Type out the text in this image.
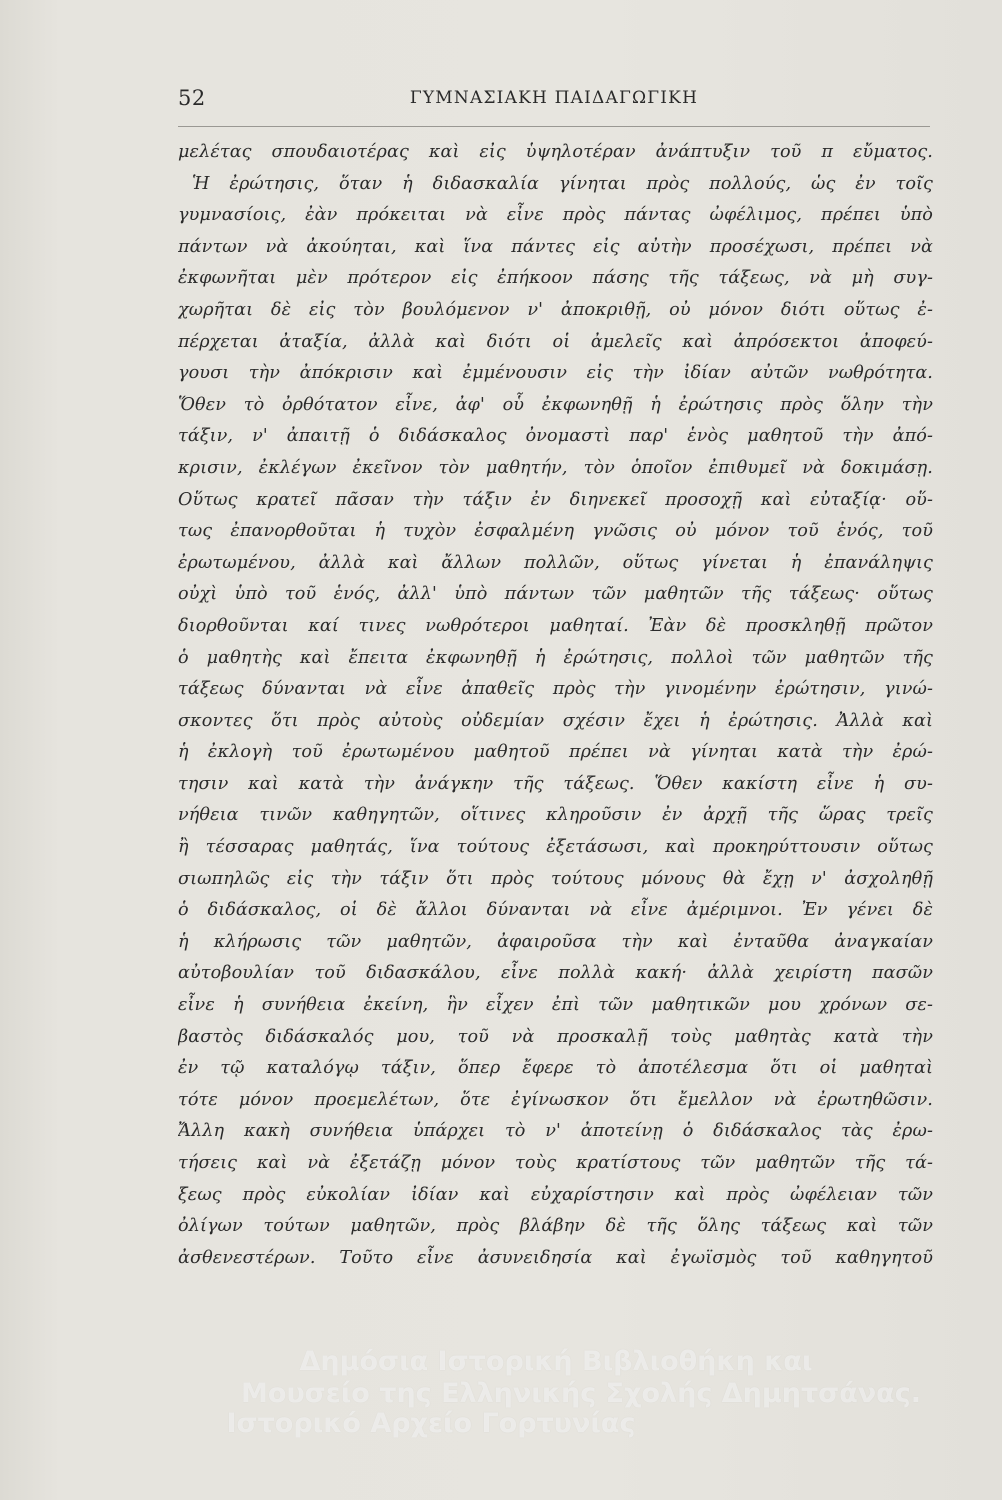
52	ΓΥΜΝΑΣΙΑΚΗ ΠΑΙΔΑΓΩΓΙΚΗ
μελέτας σπουδαιοτέρας καὶ εἰς ὑψηλοτέραν ἀνάπτυξιν τοῦ π εὔματος.
Ἡ ἐρώτησις, ὅταν ἡ διδασκαλία γίνηται πρὸς πολλούς, ὡς ἐν τοῖς
γυμνασίοις, ἐὰν πρόκειται νὰ εἶνε πρὸς πάντας ὠφέλιμος, πρέπει ὑπὸ
πάντων νὰ ἀκούηται, καὶ ἵνα πάντες εἰς αὐτὴν προσέχωσι, πρέπει νὰ
ἐκφωνῆται μὲν πρότερον εἰς ἐπήκοον πάσης τῆς τάξεως, νὰ μὴ συγ-
χωρῆται δὲ εἰς τὸν βουλόμενον ν' ἀποκριθῇ, οὐ μόνον διότι οὕτως ἐ-
πέρχεται ἀταξία, ἀλλὰ καὶ διότι οἱ ἀμελεῖς καὶ ἀπρόσεκτοι ἀποφεύ-
γουσι τὴν ἀπόκρισιν καὶ ἐμμένουσιν εἰς τὴν ἰδίαν αὐτῶν νωθρότητα.
Ὅθεν τὸ ὀρθότατον εἶνε, ἀφ' οὗ ἐκφωνηθῇ ἡ ἐρώτησις πρὸς ὅλην τὴν
τάξιν, ν' ἀπαιτῇ ὁ διδάσκαλος ὀνομαστὶ παρ' ἑνὸς μαθητοῦ τὴν ἀπό-
κρισιν, ἐκλέγων ἐκεῖνον τὸν μαθητήν, τὸν ὁποῖον ἐπιθυμεῖ νὰ δοκιμάσῃ.
Οὕτως κρατεῖ πᾶσαν τὴν τάξιν ἐν διηνεκεῖ προσοχῇ καὶ εὐταξίᾳ· οὕ-
τως ἐπανορθοῦται ἡ τυχὸν ἐσφαλμένη γνῶσις οὐ μόνον τοῦ ἑνός, τοῦ
ἐρωτωμένου, ἀλλὰ καὶ ἄλλων πολλῶν, οὕτως γίνεται ἡ ἐπανάληψις
οὐχὶ ὑπὸ τοῦ ἑνός, ἀλλ' ὑπὸ πάντων τῶν μαθητῶν τῆς τάξεως· οὕτως
διορθοῦνται καί τινες νωθρότεροι μαθηταί. Ἐὰν δὲ προσκληθῇ πρῶτον
ὁ μαθητὴς καὶ ἔπειτα ἐκφωνηθῇ ἡ ἐρώτησις, πολλοὶ τῶν μαθητῶν τῆς
τάξεως δύνανται νὰ εἶνε ἀπαθεῖς πρὸς τὴν γινομένην ἐρώτησιν, γινώ-
σκοντες ὅτι πρὸς αὐτοὺς οὐδεμίαν σχέσιν ἔχει ἡ ἐρώτησις. Ἀλλὰ καὶ
ἡ ἐκλογὴ τοῦ ἐρωτωμένου μαθητοῦ πρέπει νὰ γίνηται κατὰ τὴν ἐρώ-
τησιν καὶ κατὰ τὴν ἀνάγκην τῆς τάξεως. Ὅθεν κακίστη εἶνε ἡ συ-
νήθεια τινῶν καθηγητῶν, οἵτινες κληροῦσιν ἐν ἀρχῇ τῆς ὥρας τρεῖς
ἢ τέσσαρας μαθητάς, ἵνα τούτους ἐξετάσωσι, καὶ προκηρύττουσιν οὕτως
σιωπηλῶς εἰς τὴν τάξιν ὅτι πρὸς τούτους μόνους θὰ ἔχῃ ν' ἀσχοληθῇ
ὁ διδάσκαλος, οἱ δὲ ἄλλοι δύνανται νὰ εἶνε ἀμέριμνοι. Ἐν γένει δὲ
ἡ κλήρωσις τῶν μαθητῶν, ἀφαιροῦσα τὴν καὶ ἐνταῦθα ἀναγκαίαν
αὐτοβουλίαν τοῦ διδασκάλου, εἶνε πολλὰ κακή· ἀλλὰ χειρίστη πασῶν
εἶνε ἡ συνήθεια ἐκείνη, ἣν εἶχεν ἐπὶ τῶν μαθητικῶν μου χρόνων σε-
βαστὸς διδάσκαλός μου, τοῦ νὰ προσκαλῇ τοὺς μαθητὰς κατὰ τὴν
ἐν τῷ καταλόγῳ τάξιν, ὅπερ ἔφερε τὸ ἀποτέλεσμα ὅτι οἱ μαθηταὶ
τότε μόνον προεμελέτων, ὅτε ἐγίνωσκον ὅτι ἔμελλον νὰ ἐρωτηθῶσιν.
Ἄλλη κακὴ συνήθεια ὑπάρχει τὸ ν' ἀποτείνῃ ὁ διδάσκαλος τὰς ἐρω-
τήσεις καὶ νὰ ἐξετάζῃ μόνον τοὺς κρατίστους τῶν μαθητῶν τῆς τά-
ξεως πρὸς εὐκολίαν ἰδίαν καὶ εὐχαρίστησιν καὶ πρὸς ὠφέλειαν τῶν
ὀλίγων τούτων μαθητῶν, πρὸς βλάβην δὲ τῆς ὅλης τάξεως καὶ τῶν
ἀσθενεστέρων. Τοῦτο εἶνε ἀσυνειδησία καὶ ἐγωϊσμὸς τοῦ καθηγητοῦ
Δημόσια Ιστορική Βιβλιοθήκη και
Μουσείο της Ελληνικής Σχολής Δημητσάνας.
Ιστορικό Αρχείο Γορτυνίας
